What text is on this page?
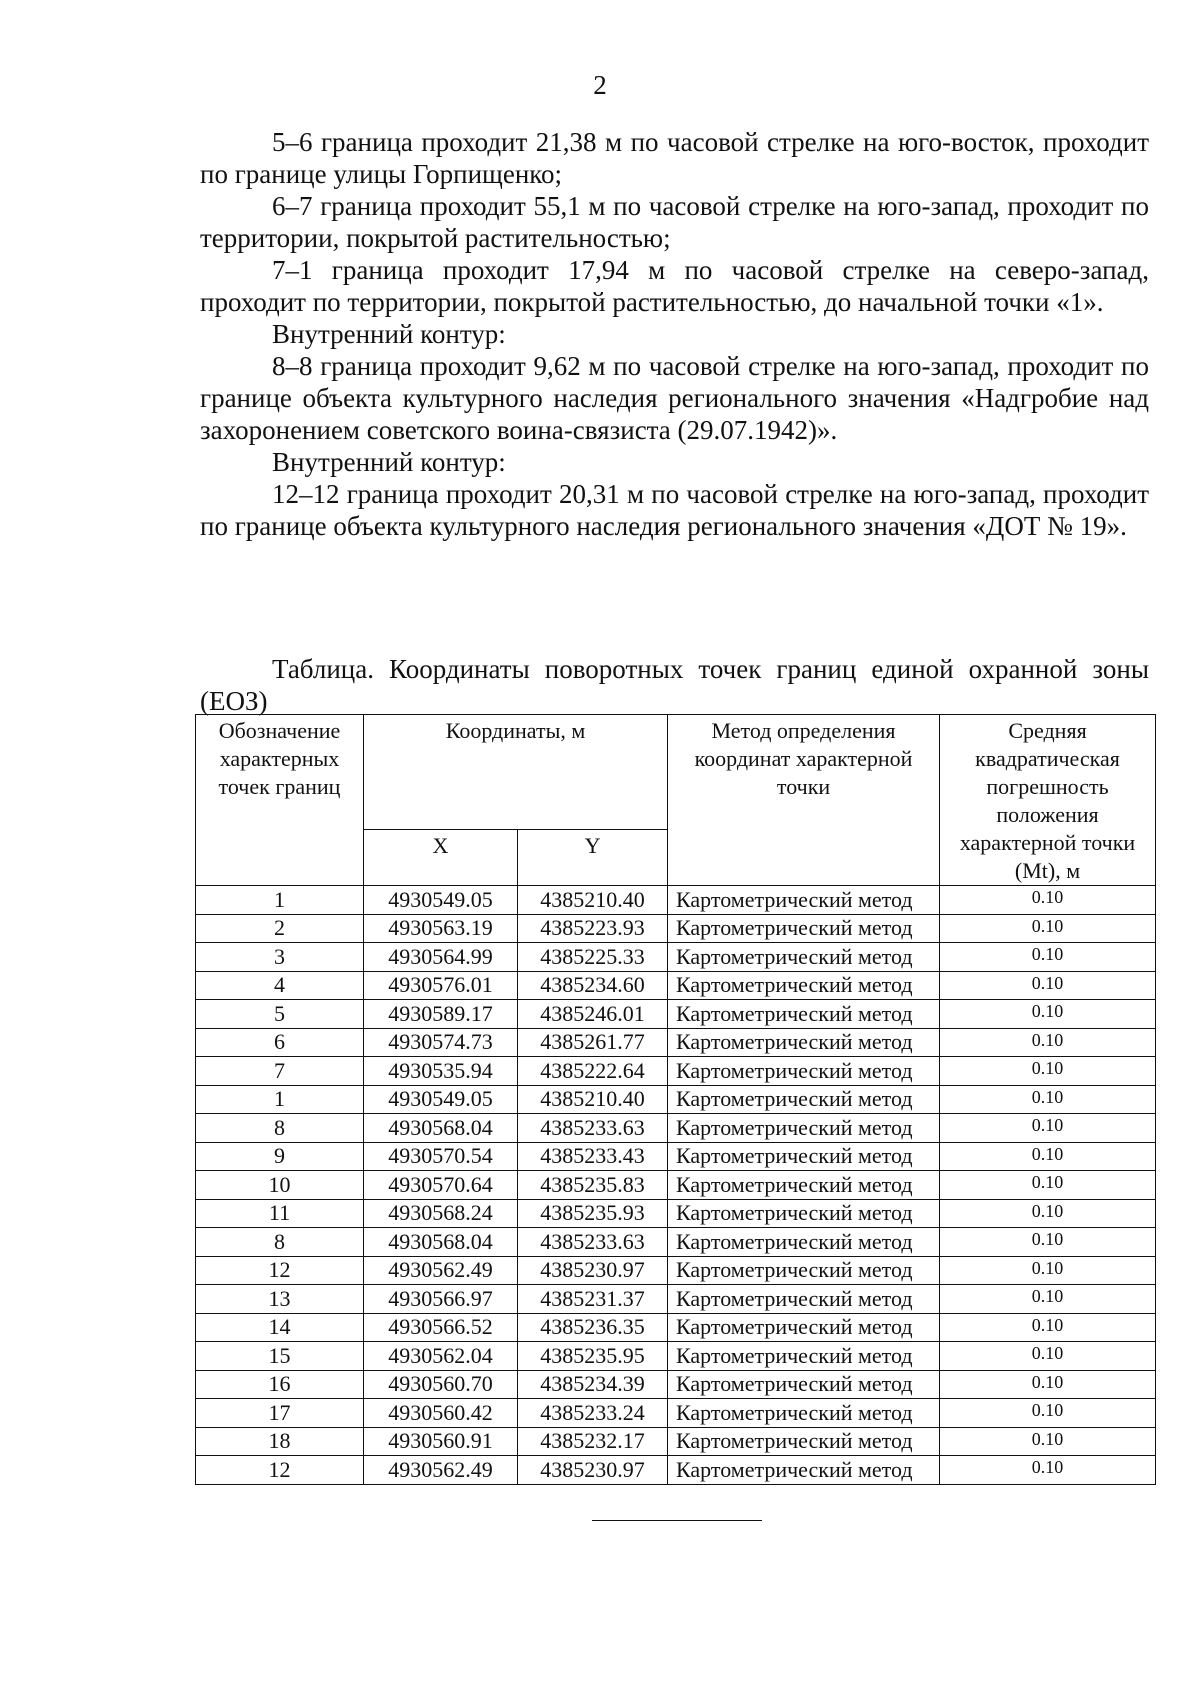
2

5–6 граница проходит 21,38 м по часовой стрелке на юго-восток, проходит по границе улицы Горпищенко;

6–7 граница проходит 55,1 м по часовой стрелке на юго-запад, проходит по территории, покрытой растительностью;

7–1 граница проходит 17,94 м по часовой стрелке на северо-запад, проходит по территории, покрытой растительностью, до начальной точки «1».

Внутренний контур:

8–8 граница проходит 9,62 м по часовой стрелке на юго-запад, проходит по границе объекта культурного наследия регионального значения «Надгробие над захоронением советского воина-связиста (29.07.1942)».

Внутренний контур:

12–12 граница проходит 20,31 м по часовой стрелке на юго-запад, проходит по границе объекта культурного наследия регионального значения «ДОТ № 19».

Таблица. Координаты поворотных точек границ единой охранной зоны (ЕОЗ)

Обозначение характерных точек границ	Координаты, м		Метод определения координат характерной точки	Средняя квадратическая погрешность положения характерной точки (Mt), м
	X	Y		
1	4930549.05	4385210.40	Картометрический метод	0.10
2	4930563.19	4385223.93	Картометрический метод	0.10
3	4930564.99	4385225.33	Картометрический метод	0.10
4	4930576.01	4385234.60	Картометрический метод	0.10
5	4930589.17	4385246.01	Картометрический метод	0.10
6	4930574.73	4385261.77	Картометрический метод	0.10
7	4930535.94	4385222.64	Картометрический метод	0.10
1	4930549.05	4385210.40	Картометрический метод	0.10
8	4930568.04	4385233.63	Картометрический метод	0.10
9	4930570.54	4385233.43	Картометрический метод	0.10
10	4930570.64	4385235.83	Картометрический метод	0.10
11	4930568.24	4385235.93	Картометрический метод	0.10
8	4930568.04	4385233.63	Картометрический метод	0.10
12	4930562.49	4385230.97	Картометрический метод	0.10
13	4930566.97	4385231.37	Картометрический метод	0.10
14	4930566.52	4385236.35	Картометрический метод	0.10
15	4930562.04	4385235.95	Картометрический метод	0.10
16	4930560.70	4385234.39	Картометрический метод	0.10
17	4930560.42	4385233.24	Картометрический метод	0.10
18	4930560.91	4385232.17	Картометрический метод	0.10
12	4930562.49	4385230.97	Картометрический метод	0.10
